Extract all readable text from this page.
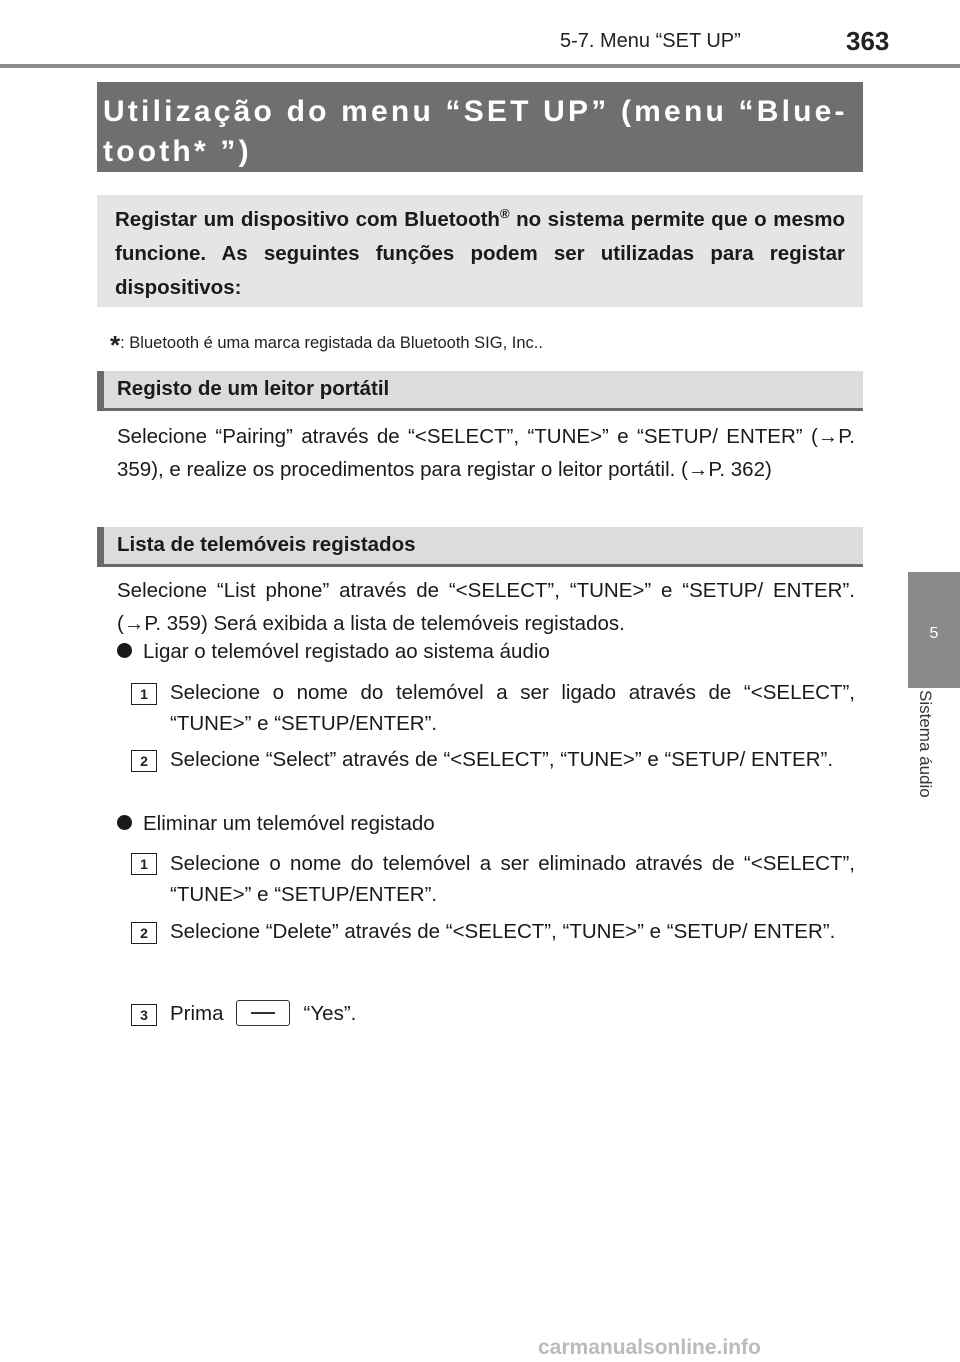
5-7. Menu “SET UP”	363
5
Sistema áudio
Utilização do menu “SET UP” (menu “Blue-tooth* ”)
Registar um dispositivo com Bluetooth® no sistema permite que o mesmo funcione. As seguintes funções podem ser utilizadas para registar dispositivos:
*: Bluetooth é uma marca registada da Bluetooth SIG, Inc..
Registo de um leitor portátil
Selecione “Pairing” através de “<SELECT”, “TUNE>” e “SETUP/ ENTER” (→P. 359), e realize os procedimentos para registar o leitor portátil. (→P. 362)
Lista de telemóveis registados
Selecione “List phone” através de “<SELECT”, “TUNE>” e “SETUP/ ENTER”. (→P. 359) Será exibida a lista de telemóveis registados.
Ligar o telemóvel registado ao sistema áudio
1	Selecione o nome do telemóvel a ser ligado através de “<SELECT”, “TUNE>” e “SETUP/ENTER”.
2	Selecione “Select” através de “<SELECT”, “TUNE>” e “SETUP/ ENTER”.
Eliminar um telemóvel registado
1	Selecione o nome do telemóvel a ser eliminado através de “<SELECT”, “TUNE>” e “SETUP/ENTER”.
2	Selecione “Delete” através de “<SELECT”, “TUNE>” e “SETUP/ ENTER”.
3	Prima	“Yes”.
carmanualsonline.info
